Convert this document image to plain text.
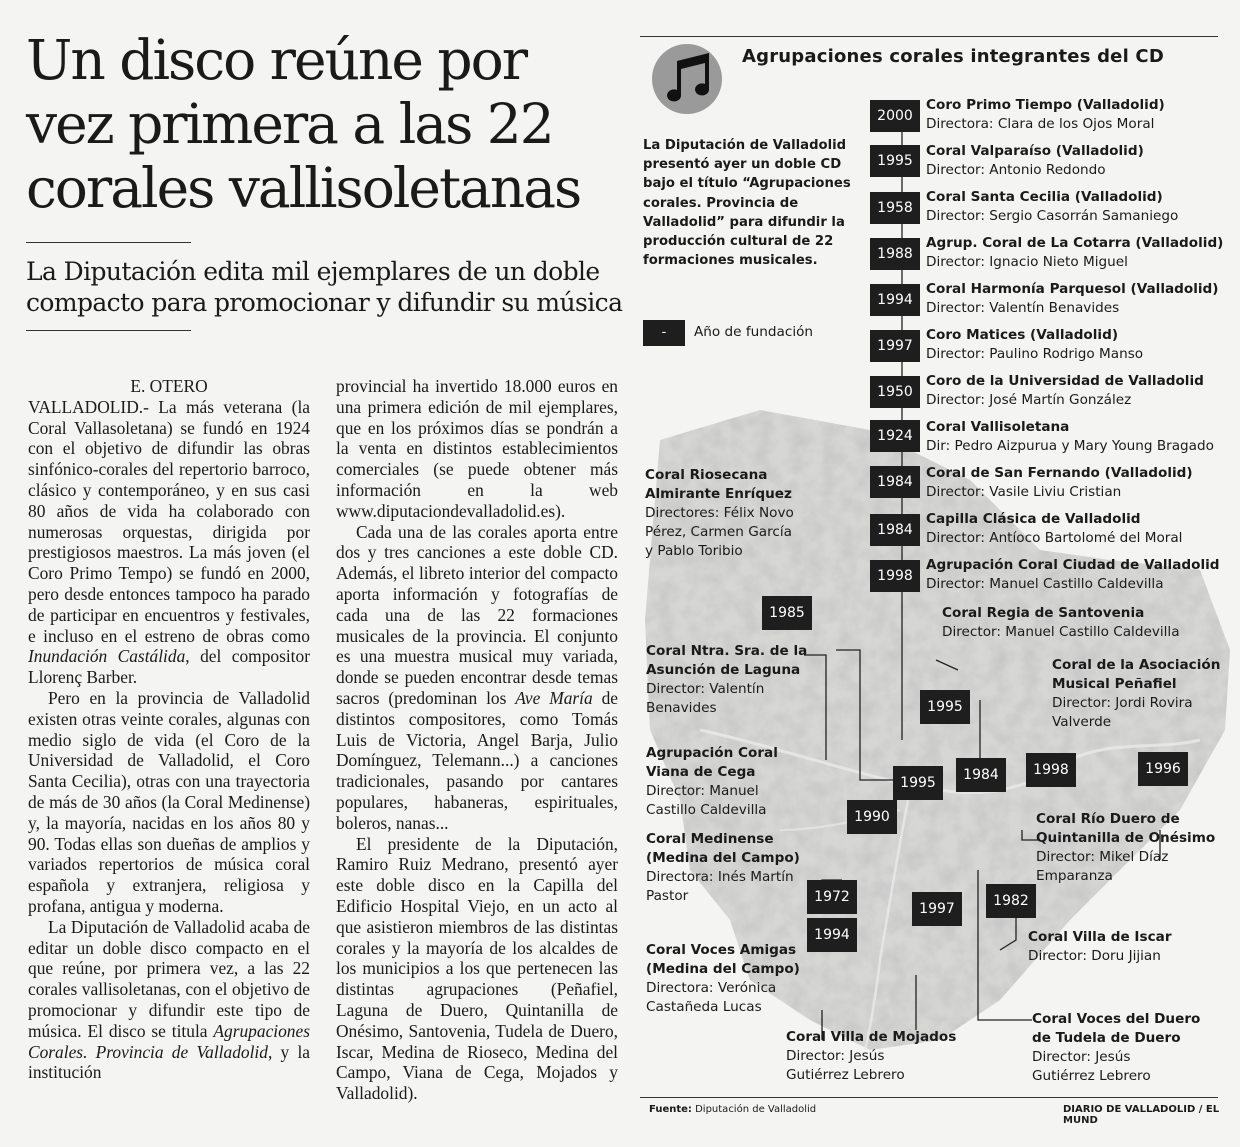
Un disco reúne por vez primera a las 22 corales vallisoletanas

La Diputación edita mil ejemplares de un doble compacto para promocionar y difundir su música

E. OTERO

VALLADOLID.- La más veterana (la Coral Vallasoletana) se fundó en 1924 con el objetivo de difundir las obras sinfónico-corales del repertorio barroco, clásico y contemporáneo, y en sus casi 80 años de vida ha colaborado con numerosas orquestas, dirigida por prestigiosos maestros. La más joven (el Coro Primo Tempo) se fundó en 2000, pero desde entonces tampoco ha parado de participar en encuentros y festivales, e incluso en el estreno de obras como Inundación Castálida, del compositor Llorenç Barber.

Pero en la provincia de Valladolid existen otras veinte corales, algunas con medio siglo de vida (el Coro de la Universidad de Valladolid, el Coro Santa Cecilia), otras con una trayectoria de más de 30 años (la Coral Medinense) y, la mayoría, nacidas en los años 80 y 90. Todas ellas son dueñas de amplios y variados repertorios de música coral española y extranjera, religiosa y profana, antigua y moderna.

La Diputación de Valladolid acaba de editar un doble disco compacto en el que reúne, por primera vez, a las 22 corales vallisoletanas, con el objetivo de promocionar y difundir este tipo de música. El disco se titula Agrupaciones Corales. Provincia de Valladolid, y la institución

provincial ha invertido 18.000 euros en una primera edición de mil ejemplares, que en los próximos días se pondrán a la venta en distintos establecimientos comerciales (se puede obtener más información en la web www.diputaciondevalladolid.es).

Cada una de las corales aporta entre dos y tres canciones a este doble CD. Además, el libreto interior del compacto aporta información y fotografías de cada una de las 22 formaciones musicales de la provincia. El conjunto es una muestra musical muy variada, donde se pueden encontrar desde temas sacros (predominan los Ave María de distintos compositores, como Tomás Luis de Victoria, Angel Barja, Julio Domínguez, Telemann...) a canciones tradicionales, pasando por cantares populares, habaneras, espirituales, boleros, nanas...

El presidente de la Diputación, Ramiro Ruiz Medrano, presentó ayer este doble disco en la Capilla del Edificio Hospital Viejo, en un acto al que asistieron miembros de las distintas corales y la mayoría de los alcaldes de los municipios a los que pertenecen las distintas agrupaciones (Peñafiel, Laguna de Duero, Quintanilla de Onésimo, Santovenia, Tudela de Duero, Iscar, Medina de Rioseco, Medina del Campo, Viana de Cega, Mojados y Valladolid).

Agrupaciones corales integrantes del CD
La Diputación de Valladolid presentó ayer un doble CD bajo el título “Agrupaciones corales. Provincia de Valladolid” para difundir la producción cultural de 22 formaciones musicales.
-	Año de fundación
2000
Coro Primo Tiempo (Valladolid)
Directora: Clara de los Ojos Moral
1995
Coral Valparaíso (Valladolid)
Director: Antonio Redondo
1958
Coral Santa Cecilia (Valladolid)
Director: Sergio Casorrán Samaniego
1988
Agrup. Coral de La Cotarra (Valladolid)
Director: Ignacio Nieto Miguel
1994
Coral Harmonía Parquesol (Valladolid)
Director: Valentín Benavides
1997
Coro Matices (Valladolid)
Director: Paulino Rodrigo Manso
1950
Coro de la Universidad de Valladolid
Director: José Martín González
1924
Coral Vallisoletana
Dir: Pedro Aizpurua y Mary Young Bragado
1984
Coral de San Fernando (Valladolid)
Director: Vasile Liviu Cristian
1984
Capilla Clásica de Valladolid
Director: Antíoco Bartolomé del Moral
1998
Agrupación Coral Ciudad de Valladolid
Director: Manuel Castillo Caldevilla
Coral Regia de Santovenia
Director: Manuel Castillo Caldevilla
1995
Coral Riosecana
Almirante Enríquez
Directores: Félix Novo
Pérez, Carmen García
y Pablo Toribio
1985
Coral Ntra. Sra. de la
Asunción de Laguna
Director: Valentín
Benavides
1995
Coral de la Asociación
Musical Peñafiel
Director: Jordi Rovira
Valverde
1996
Agrupación Coral
Viana de Cega
Director: Manuel
Castillo Caldevilla	1990
1998
Coral Río Duero de
Quintanilla de Onésimo
Director: Mikel Díaz
Emparanza
Coral Medinense
(Medina del Campo)
Directora: Inés Martín
Pastor	1972
1994
Coral Voces Amigas
(Medina del Campo)
Directora: Verónica
Castañeda Lucas
1982
Coral Villa de Iscar
Director: Doru Jijian
1997
Coral Villa de Mojados
Director: Jesús
Gutiérrez Lebrero
1984
Coral Voces del Duero
de Tudela de Duero
Director: Jesús
Gutiérrez Lebrero
Fuente: Diputación de Valladolid	DIARIO DE VALLADOLID / EL MUND
